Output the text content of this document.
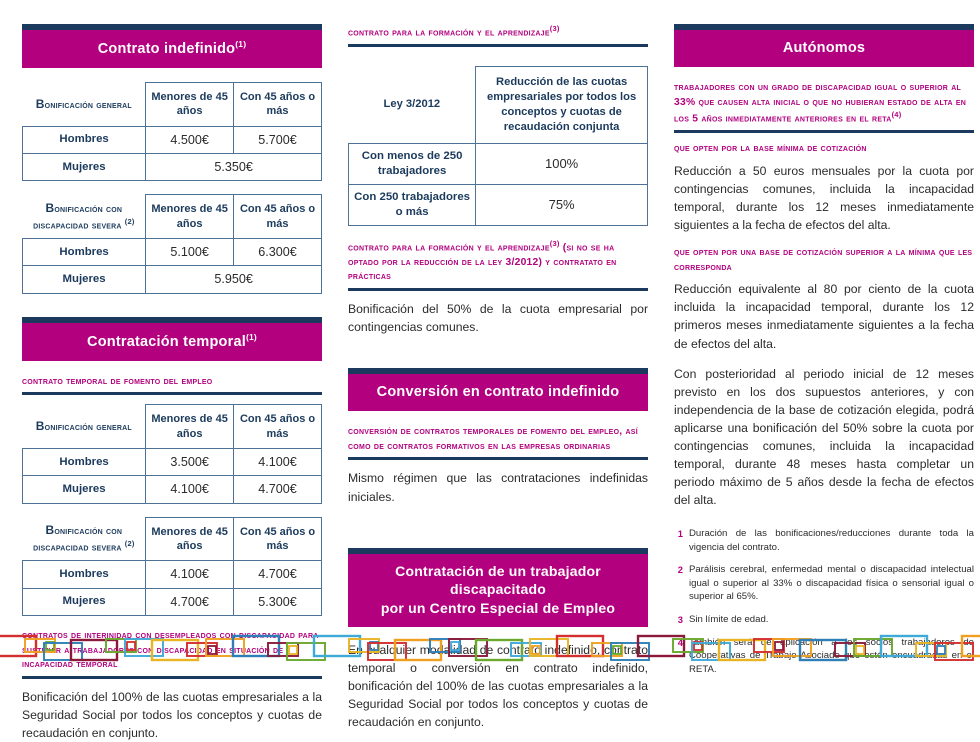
Contrato indefinido$^{(1)}$
Bonificación general	Menores de 45 años	Con 45 años o más
Hombres	4.500€	5.700€
Mujeres	5.350€	
Bonificación con
discapacidad severa $^{(2)}$	Menores de 45 años	Con 45 años o más
Hombres	5.100€	6.300€
Mujeres	5.950€	
Contratación temporal$^{(1)}$
contrato temporal de fomento del empleo
Bonificación general	Menores de 45 años	Con 45 años o más
Hombres	3.500€	4.100€
Mujeres	4.100€	4.700€
Bonificación con
discapacidad severa $^{(2)}$	Menores de 45 años	Con 45 años o más
Hombres	4.100€	4.700€
Mujeres	4.700€	5.300€
contratos de interinidad con desempleados con discapacidad para sustituir a trabajadores con discapacidad en situación de incapacidad temporal

Bonificación del 100% de las cuotas empresariales a la Seguridad Social por todos los conceptos y cuotas de recaudación en conjunto.

contrato para la formación y el aprendizaje$^{(3)}$
Ley 3/2012	Reducción de las cuotas empresariales por todos los conceptos y cuotas de recaudación conjunta
Con menos de 250 trabajadores	100%
Con 250 trabajadores o más	75%
contrato para la formación y el aprendizaje$^{(3)}$ (si no se ha optado por la reducción de la ley 3/2012) y contratato en prácticas

Bonificación del 50% de la cuota empresarial por contingencias comunes.

Conversión en contrato indefinido
conversión de contratos temporales de fomento del empleo, así como de contratos formativos en las empresas ordinarias

Mismo régimen que las contrataciones indefinidas iniciales.

Contratación de un trabajador discapacitado
por un Centro Especial de Empleo

En cualquier modalidad de contrato indefinido, contrato temporal o conversión en contrato indefinido, bonificación del 100% de las cuotas empresariales a la Seguridad Social por todos los conceptos y cuotas de recaudación en conjunto.

Autónomos
trabajadores con un grado de discapacidad igual o superior al 33% que causen alta inicial o que no hubieran estado de alta en los 5 años inmediatamente anteriores en el reta$^{(4)}$
que opten por la base mínima de cotización

Reducción a 50 euros mensuales por la cuota por contingencias comunes, incluida la incapacidad temporal, durante los 12 meses inmediatamente siguientes a la fecha de efectos del alta.

que opten por una base de cotización superior a la mínima que les corresponda

Reducción equivalente al 80 por ciento de la cuota incluida la incapacidad temporal, durante los 12 primeros meses inmediatamente siguientes a la fecha de efectos del alta.

Con posterioridad al periodo inicial de 12 meses previsto en los dos supuestos anteriores, y con independencia de la base de cotización elegida, podrá aplicarse una bonificación del 50% sobre la cuota por contingencias comunes, incluida la incapacidad temporal, durante 48 meses hasta completar un periodo máximo de 5 años desde la fecha de efectos del alta.

1 Duración de las bonificaciones/reducciones durante toda la vigencia del contrato.
2 Parálisis cerebral, enfermedad mental o discapacidad intelectual igual o superior al 33% o discapacidad física o sensorial igual o superior al 65%.
3 Sin límite de edad.
4 También será de aplicación a los socios trabajadores de Cooperativas de Trabajo Asociado que estén encuadradas en el RETA.
